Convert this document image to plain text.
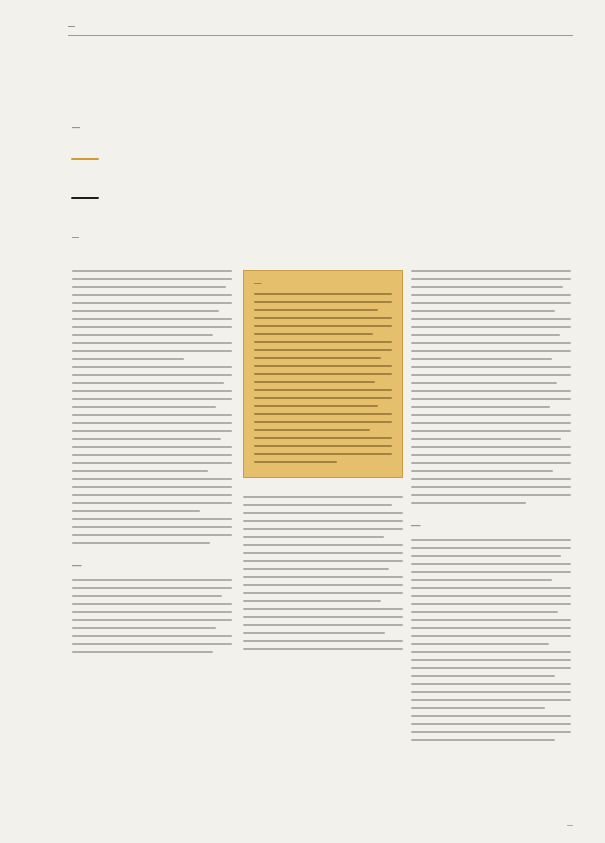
—
—
—
—
—
—
—
—
—
